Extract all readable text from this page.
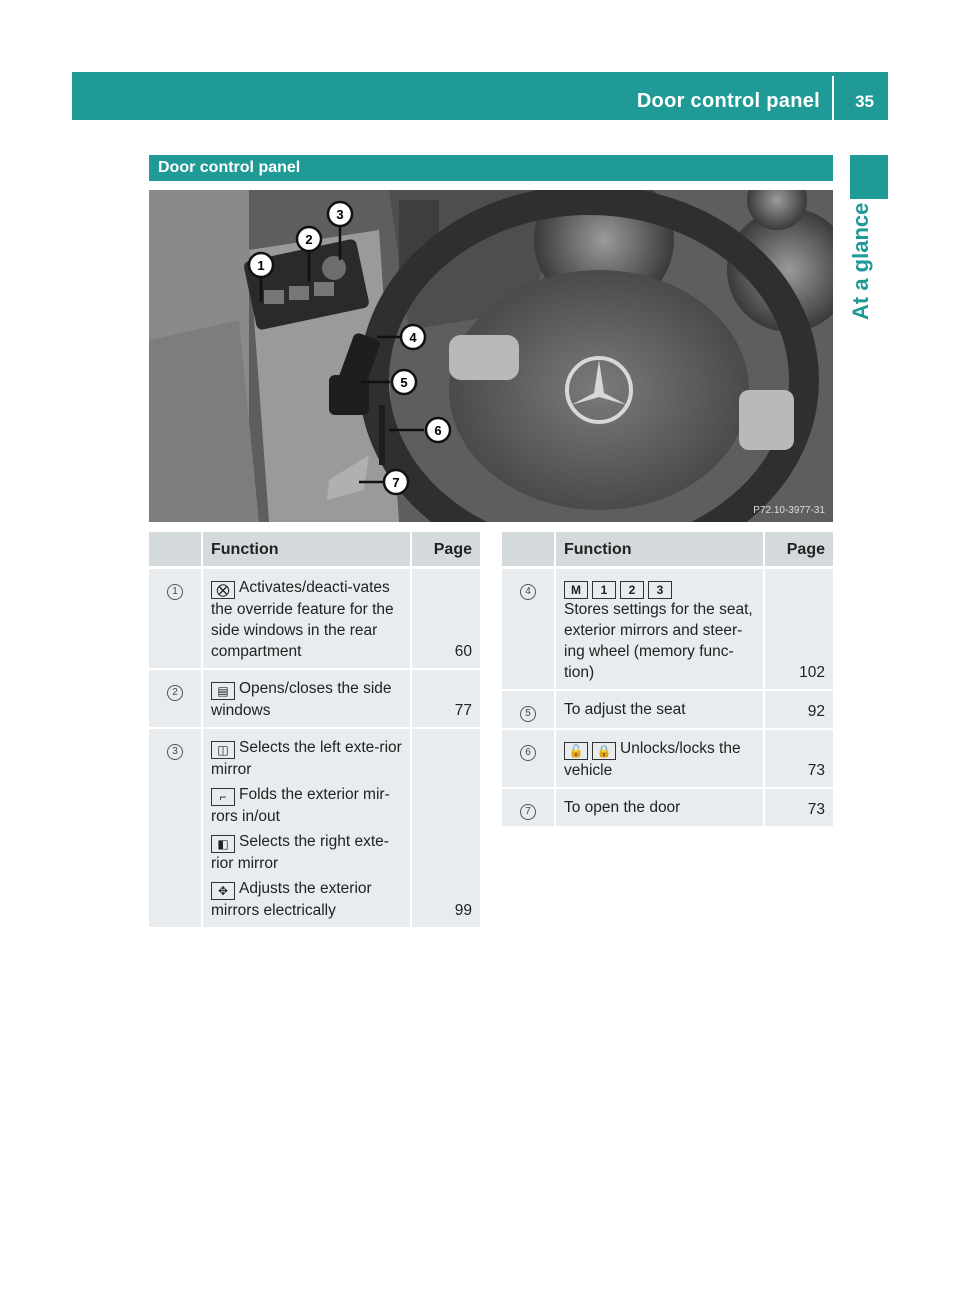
Door control panel 35
At a glance
Door control panel
1
2
3
4
5
6
7
P72.10-3977-31
	Function	Page
1	⛒ Activates/deacti-vates the override feature for the side windows in the rear compartment	60
2	▤ Opens/closes the side windows	77
3	◫ Selects the left exte-rior mirror
⌐ Folds the exterior mir-rors in/out
◧ Selects the right exte-rior mirror
✥ Adjusts the exterior mirrors electrically	99
	Function	Page
4	M 1 2 3
Stores settings for the seat, exterior mirrors and steer-ing wheel (memory func-tion)	102
5	To adjust the seat	92
6	🔓 🔒 Unlocks/locks the vehicle	73
7	To open the door	73
